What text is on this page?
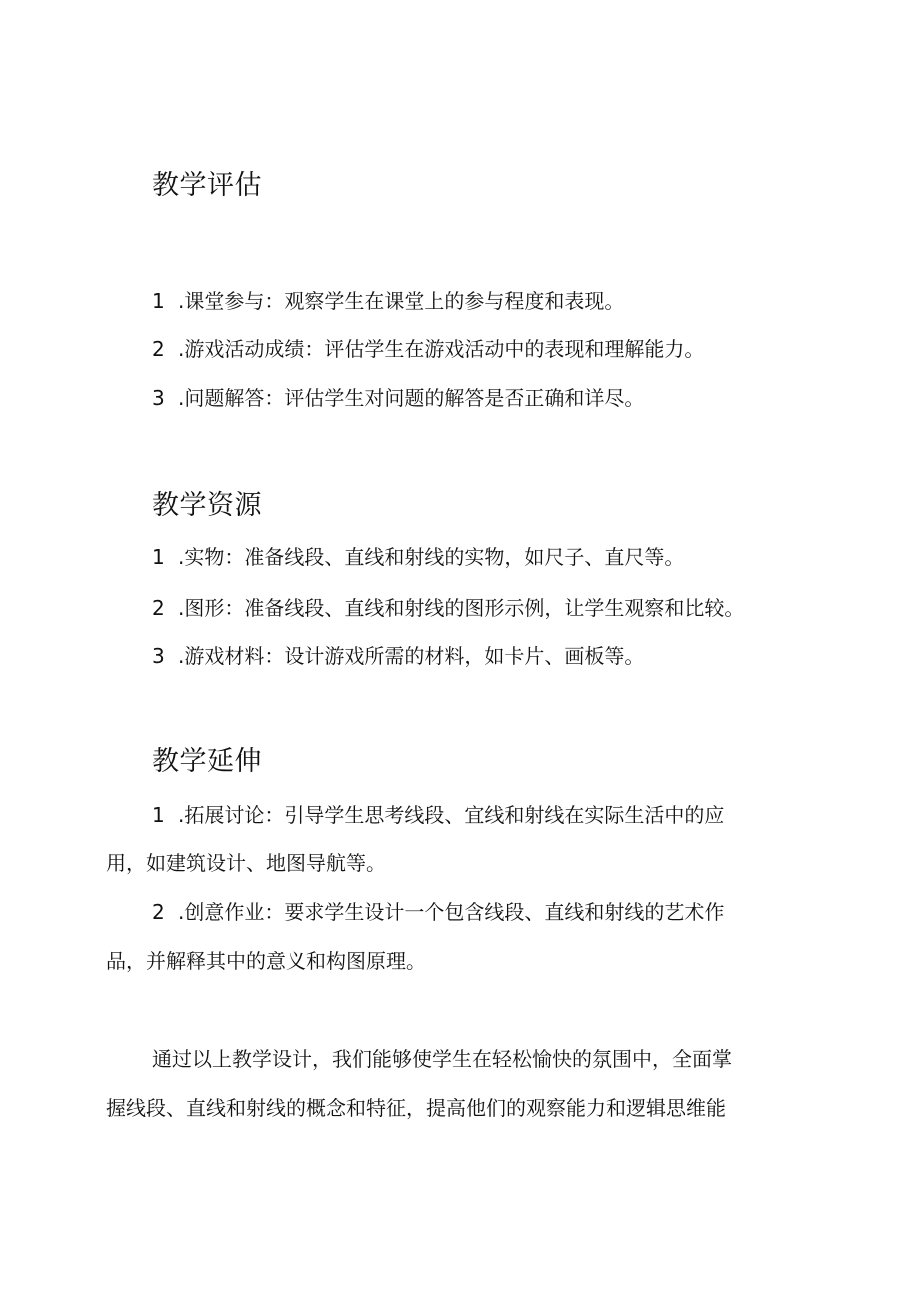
教学评估

1 .课堂参与：观察学生在课堂上的参与程度和表现。

2 .游戏活动成绩：评估学生在游戏活动中的表现和理解能力。

3 .问题解答：评估学生对问题的解答是否正确和详尽。

教学资源

1 .实物：准备线段、直线和射线的实物，如尺子、直尺等。

2 .图形：准备线段、直线和射线的图形示例，让学生观察和比较。

3 .游戏材料：设计游戏所需的材料，如卡片、画板等。

教学延伸

1 .拓展讨论：引导学生思考线段、宜线和射线在实际生活中的应

用，如建筑设计、地图导航等。

2 .创意作业：要求学生设计一个包含线段、直线和射线的艺术作

品，并解释其中的意义和构图原理。

通过以上教学设计，我们能够使学生在轻松愉快的氛围中，全面掌

握线段、直线和射线的概念和特征，提高他们的观察能力和逻辑思维能
